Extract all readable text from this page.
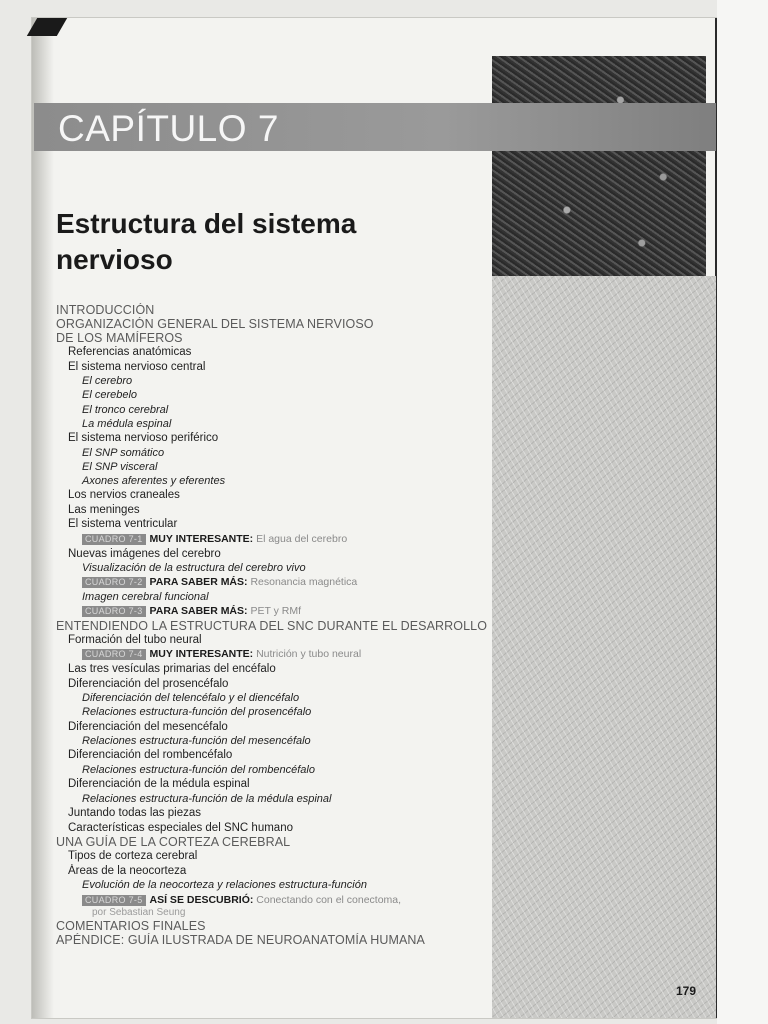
CAPÍTULO 7
Estructura del sistema
nervioso
INTRODUCCIÓN
ORGANIZACIÓN GENERAL DEL SISTEMA NERVIOSO
DE LOS MAMÍFEROS
Referencias anatómicas
El sistema nervioso central
El cerebro
El cerebelo
El tronco cerebral
La médula espinal
El sistema nervioso periférico
El SNP somático
El SNP visceral
Axones aferentes y eferentes
Los nervios craneales
Las meninges
El sistema ventricular
CUADRO 7-1 MUY INTERESANTE: El agua del cerebro
Nuevas imágenes del cerebro
Visualización de la estructura del cerebro vivo
CUADRO 7-2 PARA SABER MÁS: Resonancia magnética
Imagen cerebral funcional
CUADRO 7-3 PARA SABER MÁS: PET y RMf
ENTENDIENDO LA ESTRUCTURA DEL SNC DURANTE EL DESARROLLO
Formación del tubo neural
CUADRO 7-4 MUY INTERESANTE: Nutrición y tubo neural
Las tres vesículas primarias del encéfalo
Diferenciación del prosencéfalo
Diferenciación del telencéfalo y el diencéfalo
Relaciones estructura-función del prosencéfalo
Diferenciación del mesencéfalo
Relaciones estructura-función del mesencéfalo
Diferenciación del rombencéfalo
Relaciones estructura-función del rombencéfalo
Diferenciación de la médula espinal
Relaciones estructura-función de la médula espinal
Juntando todas las piezas
Características especiales del SNC humano
UNA GUÍA DE LA CORTEZA CEREBRAL
Tipos de corteza cerebral
Áreas de la neocorteza
Evolución de la neocorteza y relaciones estructura-función
CUADRO 7-5 ASÍ SE DESCUBRIÓ: Conectando con el conectoma,
por Sebastian Seung
COMENTARIOS FINALES
APÉNDICE: GUÍA ILUSTRADA DE NEUROANATOMÍA HUMANA
179
